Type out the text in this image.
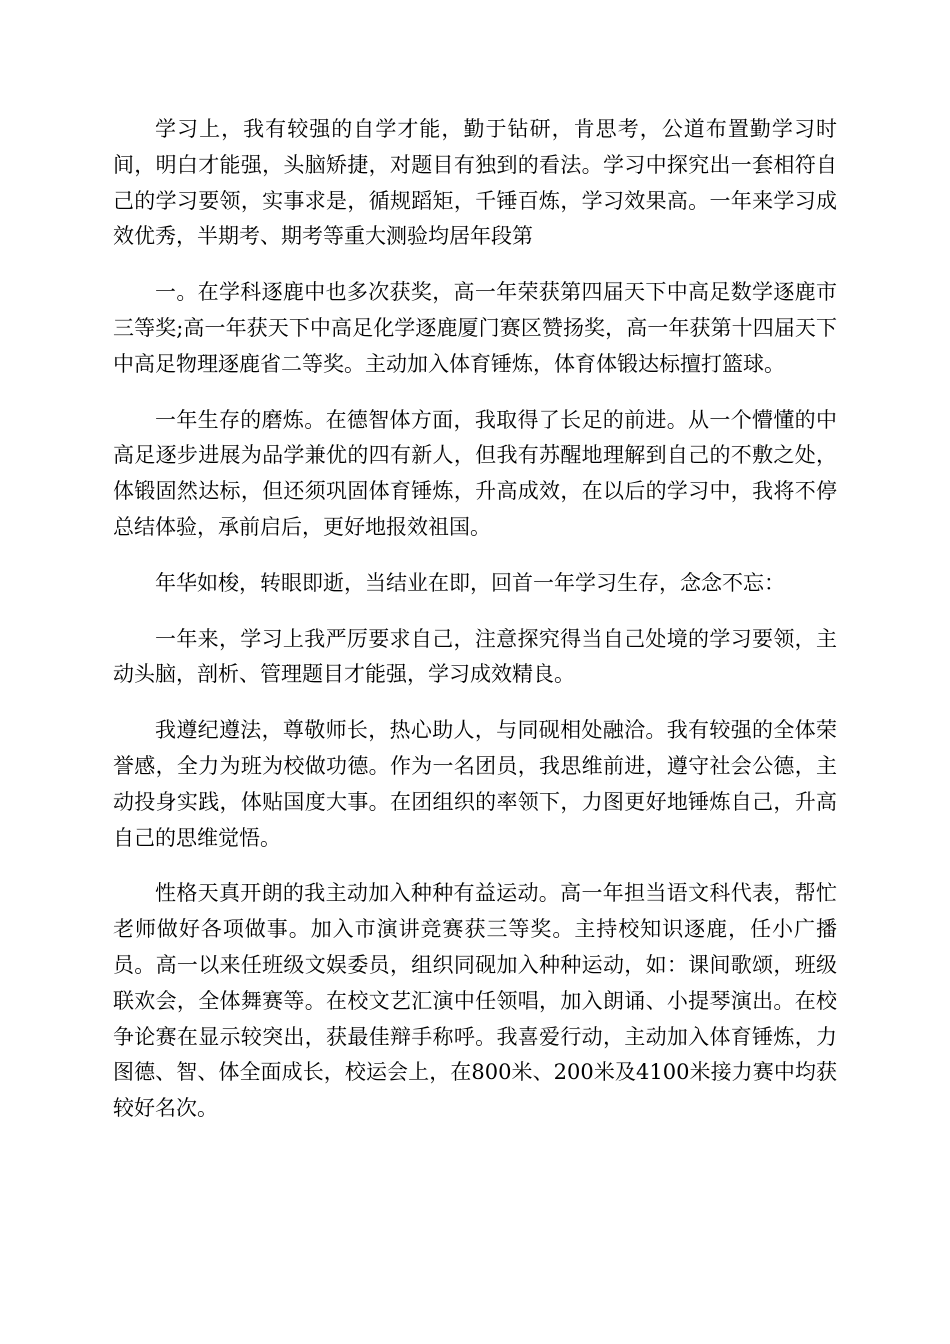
学习上，我有较强的自学才能，勤于钻研，肯思考，公道布置勤学习时间，明白才能强，头脑矫捷，对题目有独到的看法。学习中探究出一套相符自己的学习要领，实事求是，循规蹈矩，千锤百炼，学习效果高。一年来学习成效优秀，半期考、期考等重大测验均居年段第

一。在学科逐鹿中也多次获奖，高一年荣获第四届天下中高足数学逐鹿市三等奖;高一年获天下中高足化学逐鹿厦门赛区赞扬奖，高一年获第十四届天下中高足物理逐鹿省二等奖。主动加入体育锤炼，体育体锻达标擅打篮球。

一年生存的磨炼。在德智体方面，我取得了长足的前进。从一个懵懂的中高足逐步进展为品学兼优的四有新人，但我有苏醒地理解到自己的不敷之处，体锻固然达标，但还须巩固体育锤炼，升高成效，在以后的学习中，我将不停总结体验，承前启后，更好地报效祖国。

年华如梭，转眼即逝，当结业在即，回首一年学习生存，念念不忘：

一年来，学习上我严厉要求自己，注意探究得当自己处境的学习要领，主动头脑，剖析、管理题目才能强，学习成效精良。

我遵纪遵法，尊敬师长，热心助人，与同砚相处融洽。我有较强的全体荣誉感，全力为班为校做功德。作为一名团员，我思维前进，遵守社会公德，主动投身实践，体贴国度大事。在团组织的率领下，力图更好地锤炼自己，升高自己的思维觉悟。

性格天真开朗的我主动加入种种有益运动。高一年担当语文科代表，帮忙老师做好各项做事。加入市演讲竞赛获三等奖。主持校知识逐鹿，任小广播员。高一以来任班级文娱委员，组织同砚加入种种运动，如：课间歌颂，班级联欢会，全体舞赛等。在校文艺汇演中任领唱，加入朗诵、小提琴演出。在校争论赛在显示较突出，获最佳辩手称呼。我喜爱行动，主动加入体育锤炼，力图德、智、体全面成长，校运会上，在800米、200米及4100米接力赛中均获较好名次。
